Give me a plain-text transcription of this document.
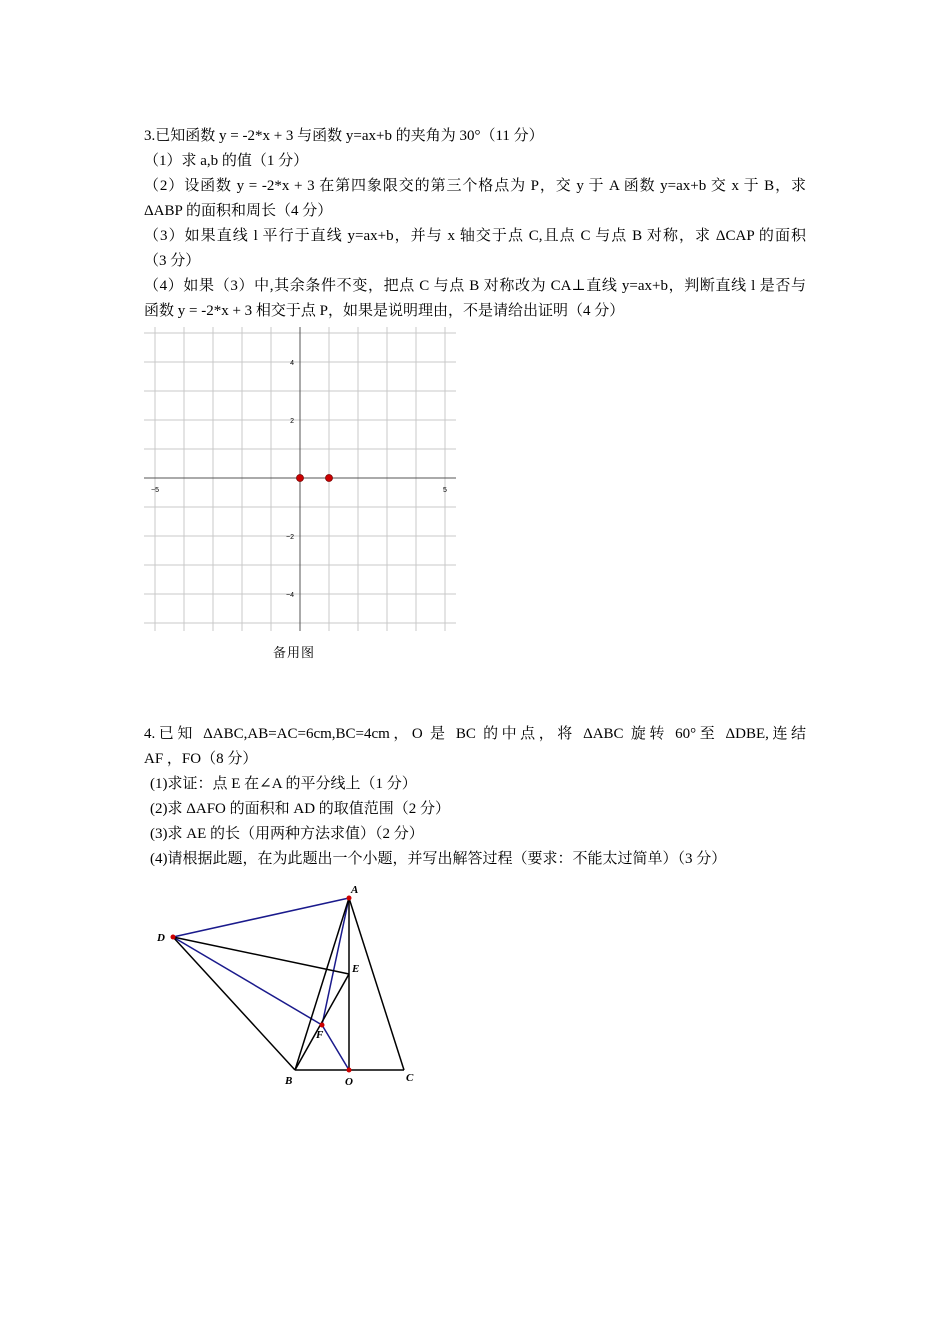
3.已知函数 y = -2*x + 3 与函数 y=ax+b 的夹角为 30°（11 分）
（1）求 a,b 的值（1 分）
（2）设函数 y = -2*x + 3 在第四象限交的第三个格点为 P，交 y 于 A 函数 y=ax+b 交 x 于 B，求
ΔABP 的面积和周长（4 分）
（3）如果直线 l 平行于直线 y=ax+b，并与 x 轴交于点 C,且点 C 与点 B 对称，求 ΔCAP 的面积
（3 分）
（4）如果（3）中,其余条件不变，把点 C 与点 B 对称改为 CA⊥直线 y=ax+b，判断直线 l 是否与
函数 y = -2*x + 3 相交于点 P，如果是说明理由，不是请给出证明（4 分）
−5	5
4
2
−2
−4
备用图
4.已知 ΔABC,AB=AC=6cm,BC=4cm，O 是 BC 的中点，将 ΔABC 旋转 60°至 ΔDBE,连结
AF ，FO（8 分）
(1)求证：点 E 在∠A 的平分线上（1 分）
(2)求 ΔAFO 的面积和 AD 的取值范围（2 分）
(3)求 AE 的长（用两种方法求值）（2 分）
(4)请根据此题，在为此题出一个小题，并写出解答过程（要求：不能太过简单）（3 分）
A
D
E
F
B	O	C
